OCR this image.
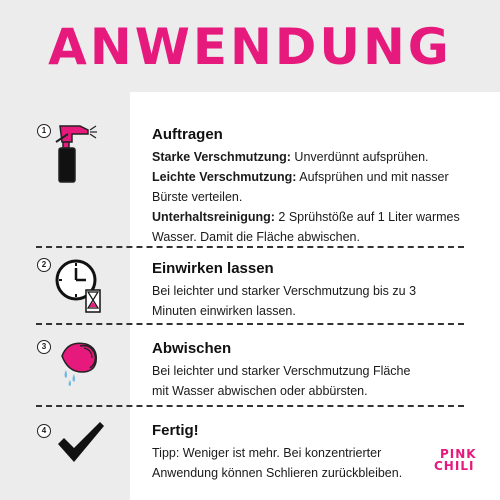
ANWENDUNG
1	Auftragen

Starke Verschmutzung: Unverdünnt aufsprühen.

Leichte Verschmutzung: Aufsprühen und mit nasser Bürste verteilen.

Unterhaltsreinigung: 2 Sprühstöße auf 1 Liter warmes Wasser. Damit die Fläche abwischen.

2	Einwirken lassen

Bei leichter und starker Verschmutzung bis zu 3 Minuten einwirken lassen.

3	Abwischen

Bei leichter und starker Verschmutzung Fläche mit Wasser abwischen oder abbürsten.

4	Fertig!

Tipp: Weniger ist mehr. Bei konzentrierter Anwendung können Schlieren zurückbleiben.

PINK
CHILI
